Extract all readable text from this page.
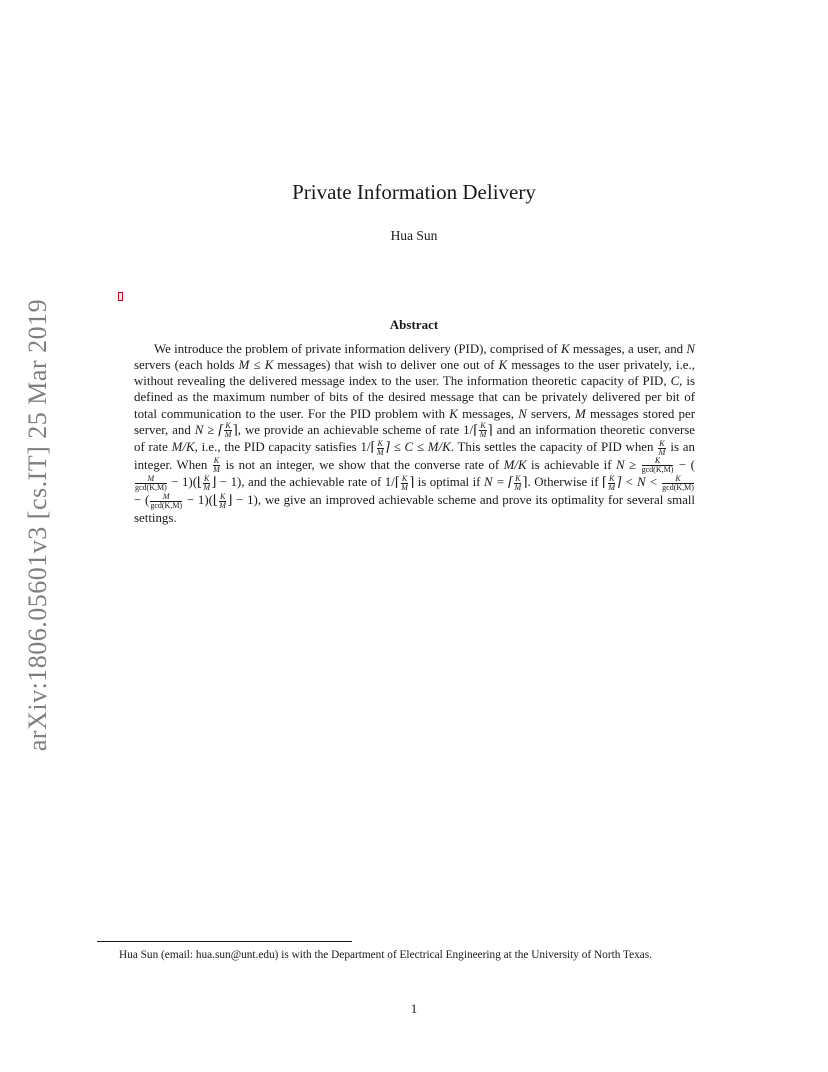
arXiv:1806.05601v3 [cs.IT] 25 Mar 2019
Private Information Delivery
Hua Sun
Abstract

We introduce the problem of private information delivery (PID), comprised of K messages, a user, and N servers (each holds M ≤ K messages) that wish to deliver one out of K messages to the user privately, i.e., without revealing the delivered message index to the user. The information theoretic capacity of PID, C, is defined as the maximum number of bits of the desired message that can be privately delivered per bit of total communication to the user. For the PID problem with K messages, N servers, M messages stored per server, and N ≥ ⌈ $\frac{K}{M}$ ⌉, we provide an achievable scheme of rate 1/⌈ $\frac{K}{M}$ ⌉ and an information theoretic converse of rate M/K, i.e., the PID capacity satisfies 1/⌈ $\frac{K}{M}$ ⌉ ≤ C ≤ M/K. This settles the capacity of PID when $\frac{K}{M}$ is an integer. When $\frac{K}{M}$ is not an integer, we show that the converse rate of M/K is achievable if $N \ge \frac{K}{\gcd(K,M)}$ − (
$\frac{M}{\gcd(K,M)}$ − 1)(⌊ $\frac{K}{M}$ ⌋ − 1), and the achievable rate of 1/⌈ $\frac{K}{M}$ ⌉ is optimal if N = ⌈ $\frac{K}{M}$ ⌉. Otherwise if ⌈ $\frac{K}{M}$ ⌉ < $N < \frac{K}{\gcd(K,M)}$
− ( $\frac{M}{\gcd(K,M)}$ − 1)(⌊ $\frac{K}{M}$ ⌋ − 1), we give an improved achievable scheme and prove its optimality for several small settings.

Hua Sun (email: hua.sun@unt.edu) is with the Department of Electrical Engineering at the University of North Texas.

1
